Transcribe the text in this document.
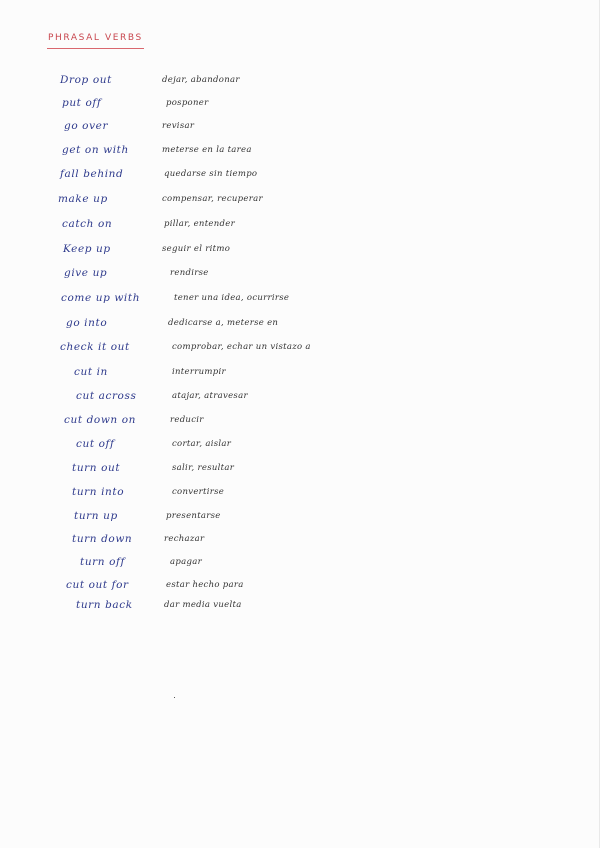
PHRASAL VERBS
Drop out	dejar, abandonar
put off	posponer
go over	revisar
get on with	meterse en la tarea
fall behind	quedarse sin tiempo
make up	compensar, recuperar
catch on	pillar, entender
Keep up	seguir el ritmo
give up	rendirse
come up with	tener una idea, ocurrirse
go into	dedicarse a, meterse en
check it out	comprobar, echar un vistazo a
cut in	interrumpir
cut across	atajar, atravesar
cut down on	reducir
cut off	cortar, aislar
turn out	salir, resultar
turn into	convertirse
turn up	presentarse
turn down	rechazar
turn off	apagar
cut out for	estar hecho para
turn back	dar media vuelta
